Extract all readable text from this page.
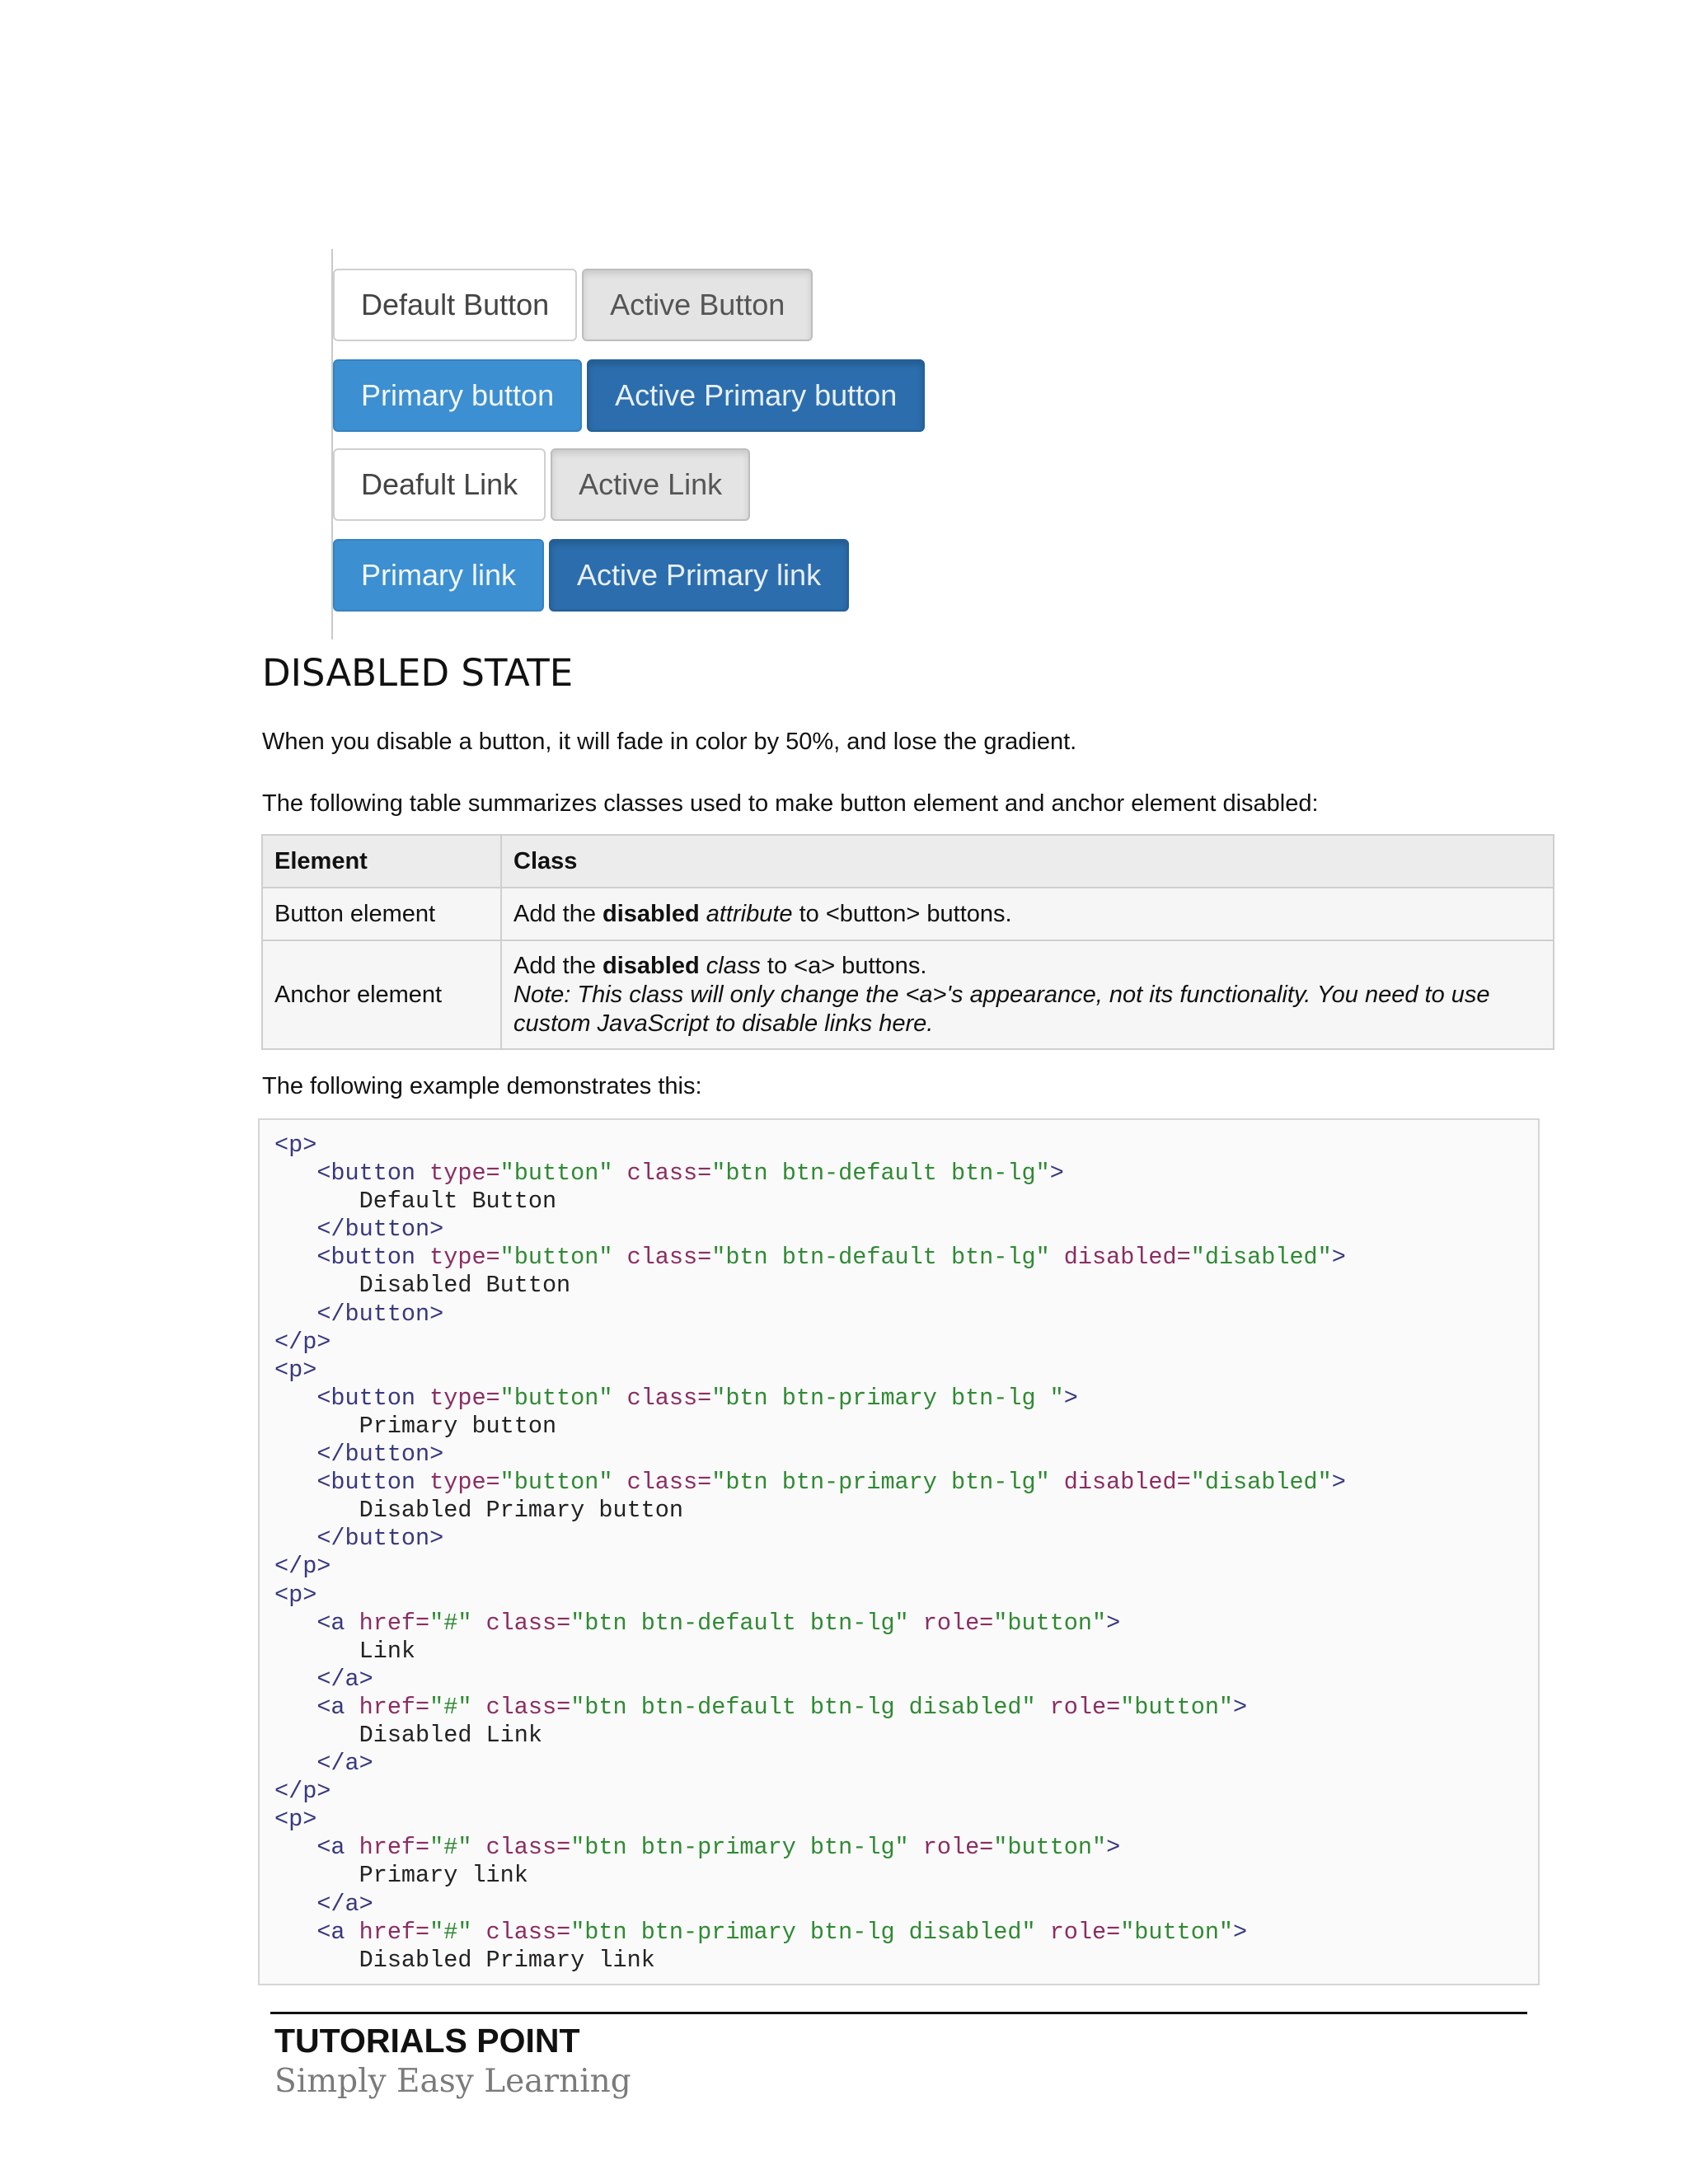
Default Button	Active Button
Primary button	Active Primary button
Deafult Link	Active Link
Primary link	Active Primary link
DISABLED STATE

When you disable a button, it will fade in color by 50%, and lose the gradient.

The following table summarizes classes used to make button element and anchor element disabled:

Element	Class
Button element	Add the disabled attribute to <button> buttons.
Anchor element	Add the disabled class to <a> buttons.
Note: This class will only change the <a>'s appearance, not its functionality. You need to use
custom JavaScript to disable links here.

The following example demonstrates this:

<p>
<button type="button" class="btn btn-default btn-lg">
Default Button
</button>
<button type="button" class="btn btn-default btn-lg" disabled="disabled">
Disabled Button
</button>
</p>
<p>
<button type="button" class="btn btn-primary btn-lg ">
Primary button
</button>
<button type="button" class="btn btn-primary btn-lg" disabled="disabled">
Disabled Primary button
</button>
</p>
<p>
<a href="#" class="btn btn-default btn-lg" role="button">
Link
</a>
<a href="#" class="btn btn-default btn-lg disabled" role="button">
Disabled Link
</a>
</p>
<p>
<a href="#" class="btn btn-primary btn-lg" role="button">
Primary link
</a>
<a href="#" class="btn btn-primary btn-lg disabled" role="button">
Disabled Primary link

TUTORIALS POINT

Simply Easy Learning
